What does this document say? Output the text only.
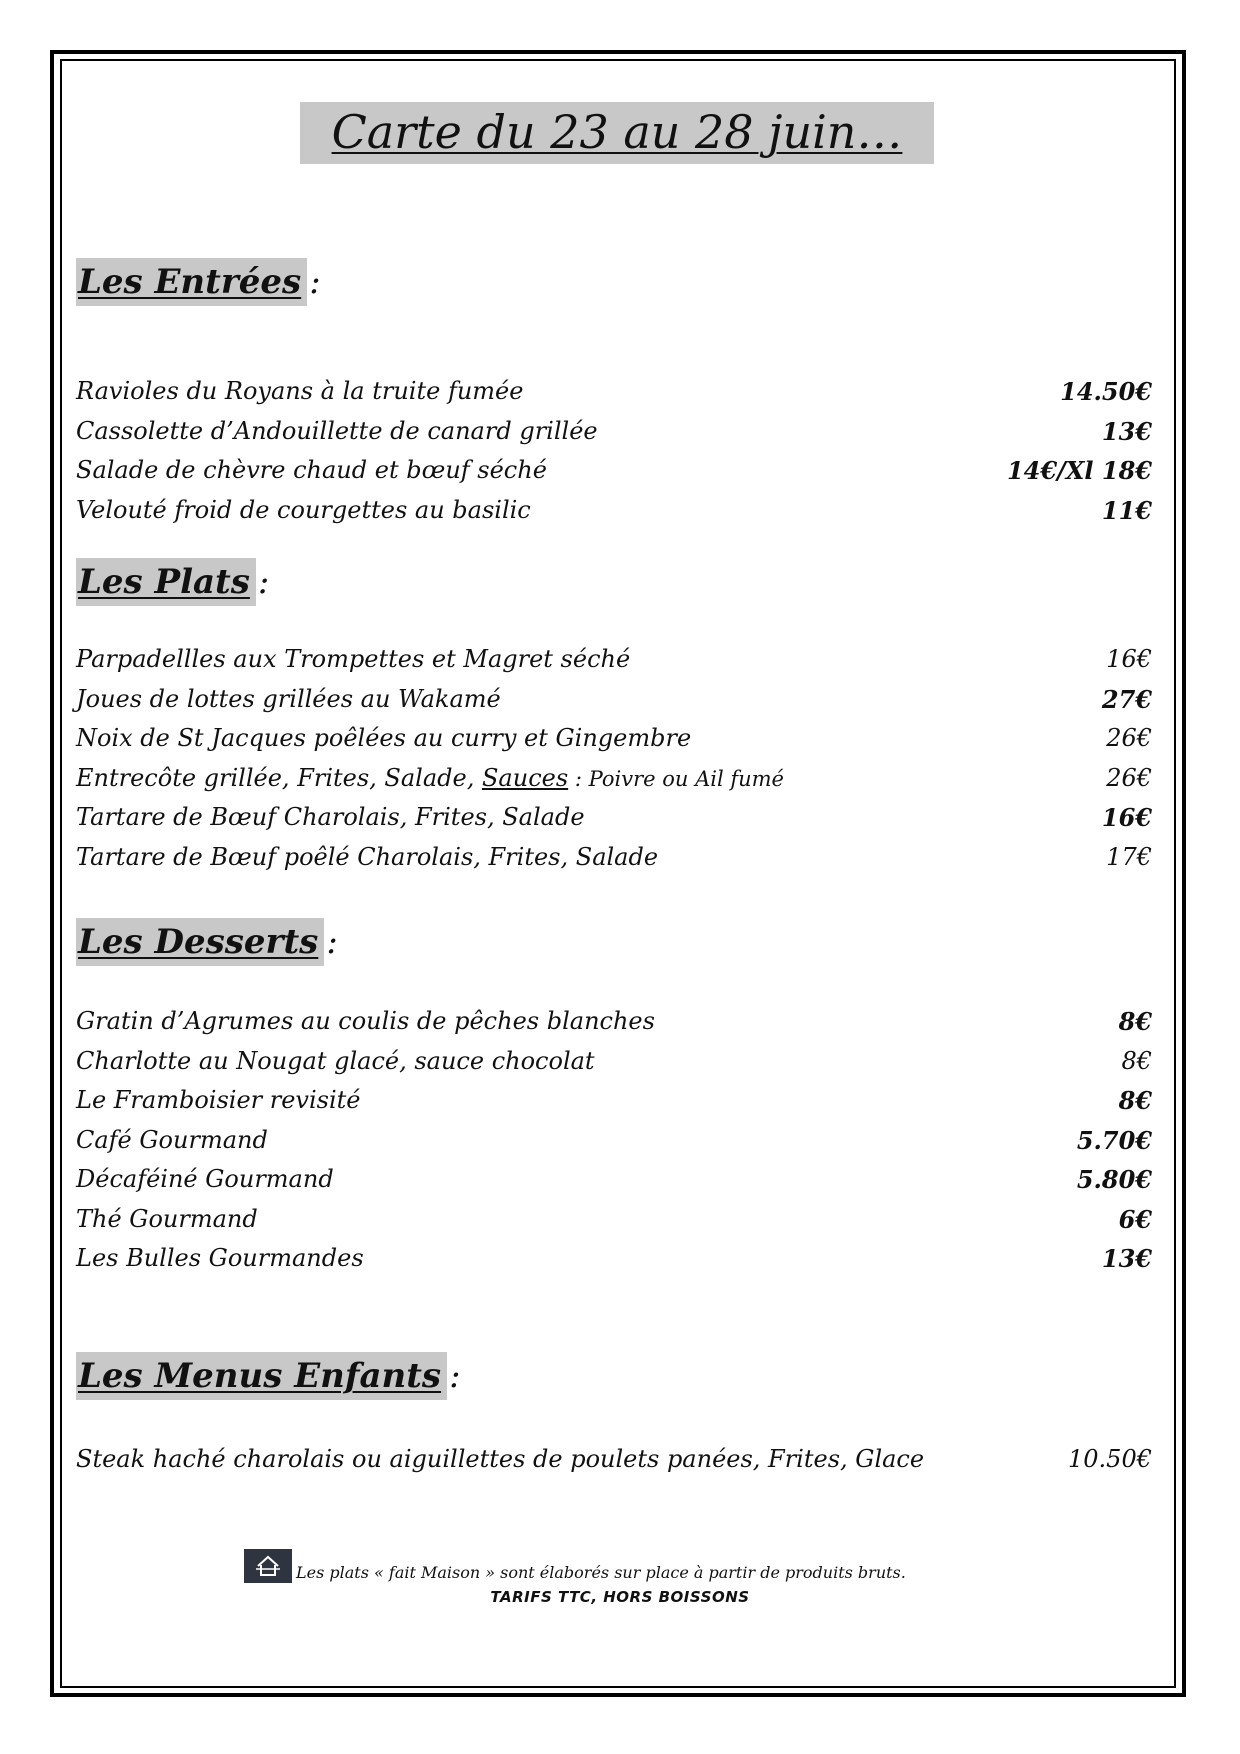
Carte du 23 au 28 juin…
Les Entrées :
Ravioles du Royans à la truite fumée	14.50€
Cassolette d’Andouillette de canard grillée	13€
Salade de chèvre chaud et bœuf séché	14€/Xl 18€
Velouté froid de courgettes au basilic	11€
Les Plats :
Parpadellles aux Trompettes et Magret séché	16€
Joues de lottes grillées au Wakamé	27€
Noix de St Jacques poêlées au curry et Gingembre	26€
Entrecôte grillée, Frites, Salade, Sauces : Poivre ou Ail fumé	26€
Tartare de Bœuf Charolais, Frites, Salade	16€
Tartare de Bœuf poêlé Charolais, Frites, Salade	17€
Les Desserts :
Gratin d’Agrumes au coulis de pêches blanches	8€
Charlotte au Nougat glacé, sauce chocolat	8€
Le Framboisier revisité	8€
Café Gourmand	5.70€
Décaféiné Gourmand	5.80€
Thé Gourmand	6€
Les Bulles Gourmandes	13€
Les Menus Enfants :
Steak haché charolais ou aiguillettes de poulets panées, Frites, Glace	10.50€
Les plats « fait Maison » sont élaborés sur place à partir de produits bruts.
TARIFS TTC, HORS BOISSONS
